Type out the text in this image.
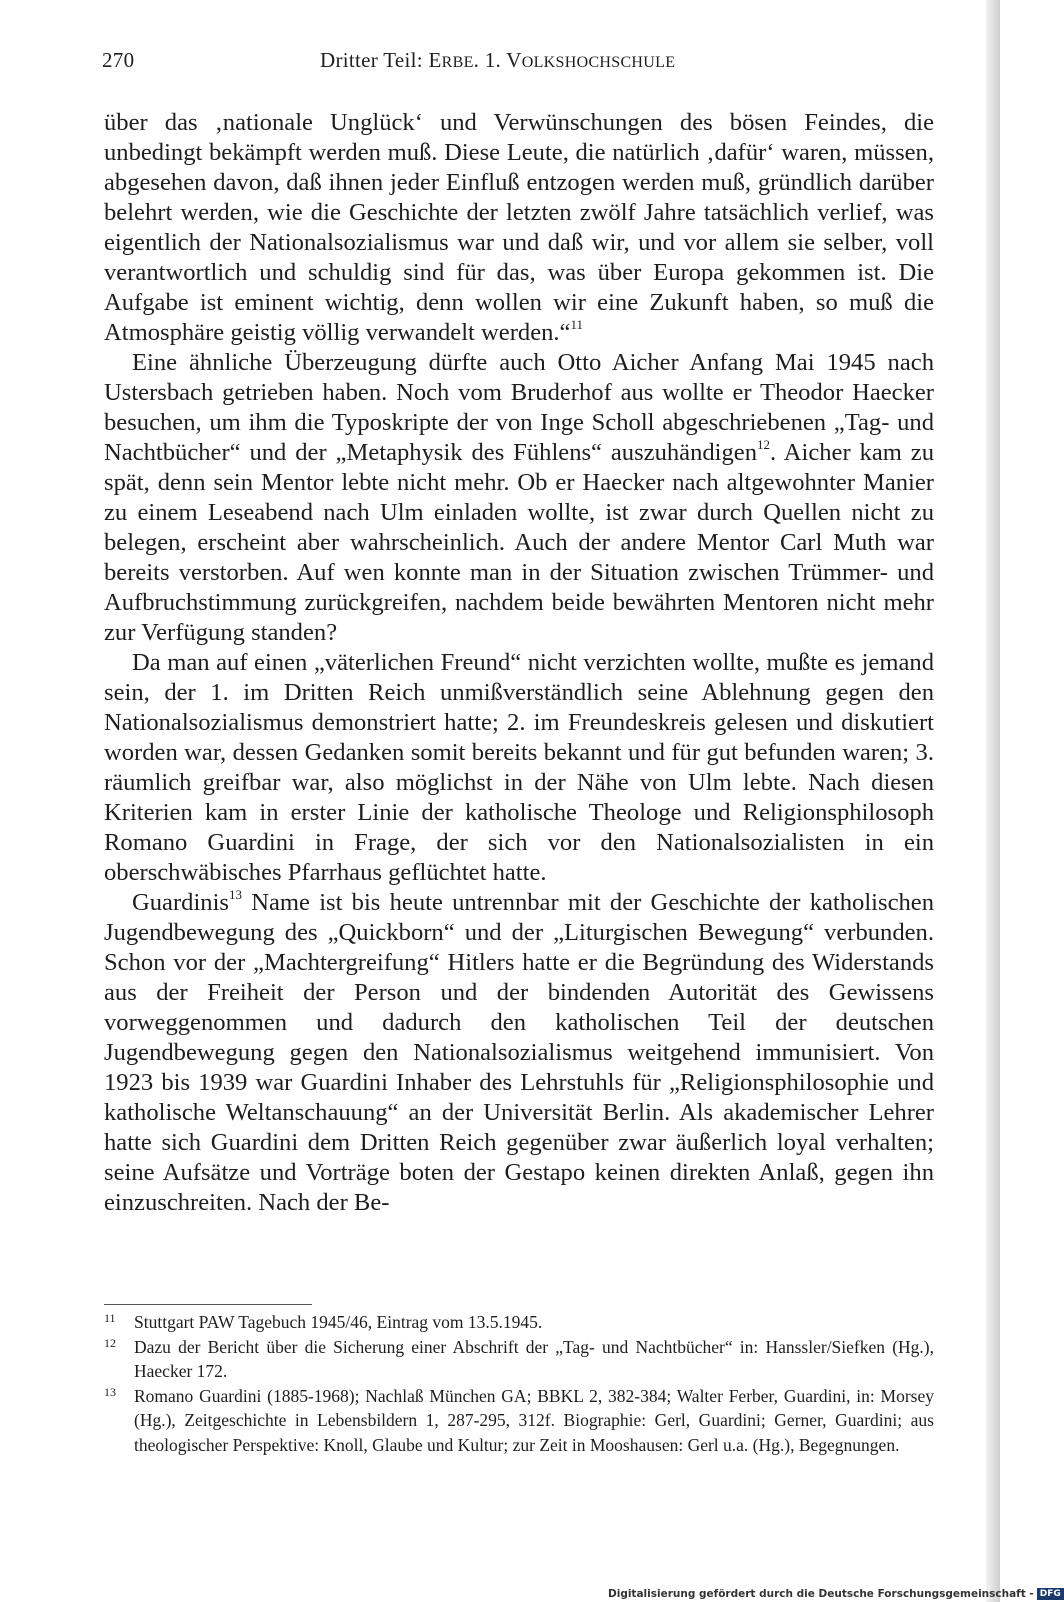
270	Dritter Teil: ERBE. 1. VOLKSHOCHSCHULE

über das ‚nationale Unglück‘ und Verwünschungen des bösen Feindes, die unbedingt bekämpft werden muß. Diese Leute, die natürlich ‚dafür‘ waren, müssen, abgesehen davon, daß ihnen jeder Einfluß entzogen werden muß, gründlich darüber belehrt werden, wie die Geschichte der letzten zwölf Jahre tatsächlich verlief, was eigentlich der Nationalsozialismus war und daß wir, und vor allem sie selber, voll verantwortlich und schuldig sind für das, was über Europa gekommen ist. Die Aufgabe ist eminent wichtig, denn wollen wir eine Zukunft haben, so muß die Atmosphäre geistig völlig verwandelt werden.“$^{11}$

Eine ähnliche Überzeugung dürfte auch Otto Aicher Anfang Mai 1945 nach Ustersbach getrieben haben. Noch vom Bruderhof aus wollte er Theodor Haecker besuchen, um ihm die Typoskripte der von Inge Scholl abgeschriebenen „Tag- und Nachtbücher“ und der „Metaphysik des Fühlens“ auszuhändigen$^{12}$. Aicher kam zu spät, denn sein Mentor lebte nicht mehr. Ob er Haecker nach altgewohnter Manier zu einem Leseabend nach Ulm einladen wollte, ist zwar durch Quellen nicht zu belegen, erscheint aber wahrscheinlich. Auch der andere Mentor Carl Muth war bereits verstorben. Auf wen konnte man in der Situation zwischen Trümmer- und Aufbruchstimmung zurückgreifen, nachdem beide bewährten Mentoren nicht mehr zur Verfügung standen?

Da man auf einen „väterlichen Freund“ nicht verzichten wollte, mußte es jemand sein, der 1. im Dritten Reich unmißverständlich seine Ablehnung gegen den Nationalsozialismus demonstriert hatte; 2. im Freundeskreis gelesen und diskutiert worden war, dessen Gedanken somit bereits bekannt und für gut befunden waren; 3. räumlich greifbar war, also möglichst in der Nähe von Ulm lebte. Nach diesen Kriterien kam in erster Linie der katholische Theologe und Religionsphilosoph Romano Guardini in Frage, der sich vor den Nationalsozialisten in ein oberschwäbisches Pfarrhaus geflüchtet hatte.

Guardinis$^{13}$ Name ist bis heute untrennbar mit der Geschichte der katholischen Jugendbewegung des „Quickborn“ und der „Liturgischen Bewegung“ verbunden. Schon vor der „Machtergreifung“ Hitlers hatte er die Begründung des Widerstands aus der Freiheit der Person und der bindenden Autorität des Gewissens vorweggenommen und dadurch den katholischen Teil der deutschen Jugendbewegung gegen den Nationalsozialismus weitgehend immunisiert. Von 1923 bis 1939 war Guardini Inhaber des Lehrstuhls für „Religionsphilosophie und katholische Weltanschauung“ an der Universität Berlin. Als akademischer Lehrer hatte sich Guardini dem Dritten Reich gegenüber zwar äußerlich loyal verhalten; seine Aufsätze und Vorträge boten der Gestapo keinen direkten Anlaß, gegen ihn einzuschreiten. Nach der Be-

11 Stuttgart PAW Tagebuch 1945/46, Eintrag vom 13.5.1945.

12 Dazu der Bericht über die Sicherung einer Abschrift der „Tag- und Nachtbücher“ in: Hanssler/Siefken (Hg.), Haecker 172.

13 Romano Guardini (1885-1968); Nachlaß München GA; BBKL 2, 382-384; Walter Ferber, Guardini, in: Morsey (Hg.), Zeitgeschichte in Lebensbildern 1, 287-295, 312f. Biographie: Gerl, Guardini; Gerner, Guardini; aus theologischer Perspektive: Knoll, Glaube und Kultur; zur Zeit in Mooshausen: Gerl u.a. (Hg.), Begegnungen.

Digitalisierung gefördert durch die Deutsche Forschungsgemeinschaft - DFG
